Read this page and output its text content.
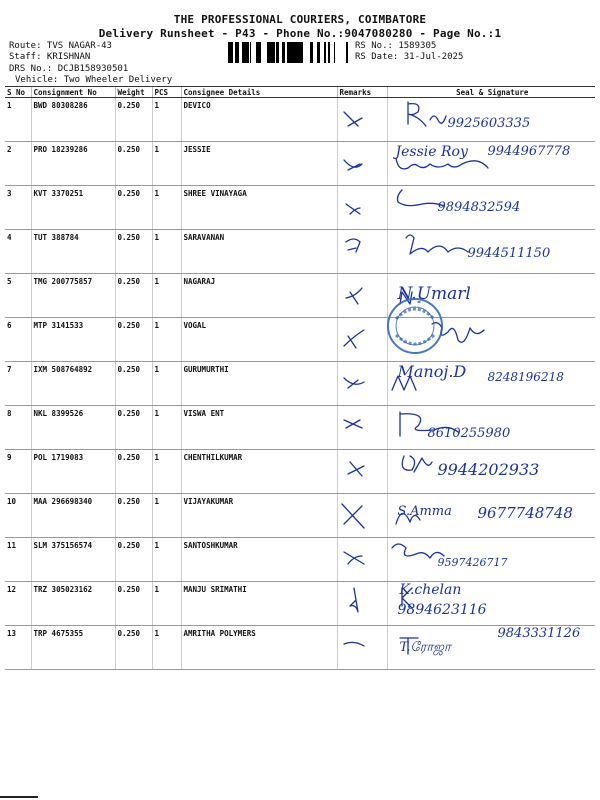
THE PROFESSIONAL COURIERS, COIMBATORE
Delivery Runsheet - P43 - Phone No.:9047080280 - Page No.:1
Route: TVS NAGAR-43
Staff: KRISHNAN
DRS No.: DCJB158930501
Vehicle: Two Wheeler Delivery
RS No.: 1589305
RS Date: 31-Jul-2025
S No	Consignment No	Weight	PCS	Consignee Details	Remarks	Seal & Signature
1	BWD 80308286	0.250	1	DEVICO		9925603335

2	PRO 18239286	0.250	1	JESSIE		Jessie Roy 9944967778

3	KVT 3370251	0.250	1	SHREE VINAYAGA		9894832594

4	TUT 388784	0.250	1	SARAVANAN		9944511150

5	TMG 200775857	0.250	1	NAGARAJ		N.Umarl

6	MTP 3141533	0.250	1	VOGAL	

7	IXM 508764892	0.250	1	GURUMURTHI		Manoj.D 8248196218

8	NKL 8399526	0.250	1	VISWA ENT		8610255980

9	POL 1719083	0.250	1	CHENTHILKUMAR		9944202933

10	MAA 296698340	0.250	1	VIJAYAKUMAR		S.Amma 9677748748

11	SLM 375156574	0.250	1	SANTOSHKUMAR		9597426717

12	TRZ 305023162	0.250	1	MANJU SRIMATHI		K.chelan
9894623116

13	TRP 4675355	0.250	1	AMRITHA POLYMERS		T.ரோஜா
9843331126
